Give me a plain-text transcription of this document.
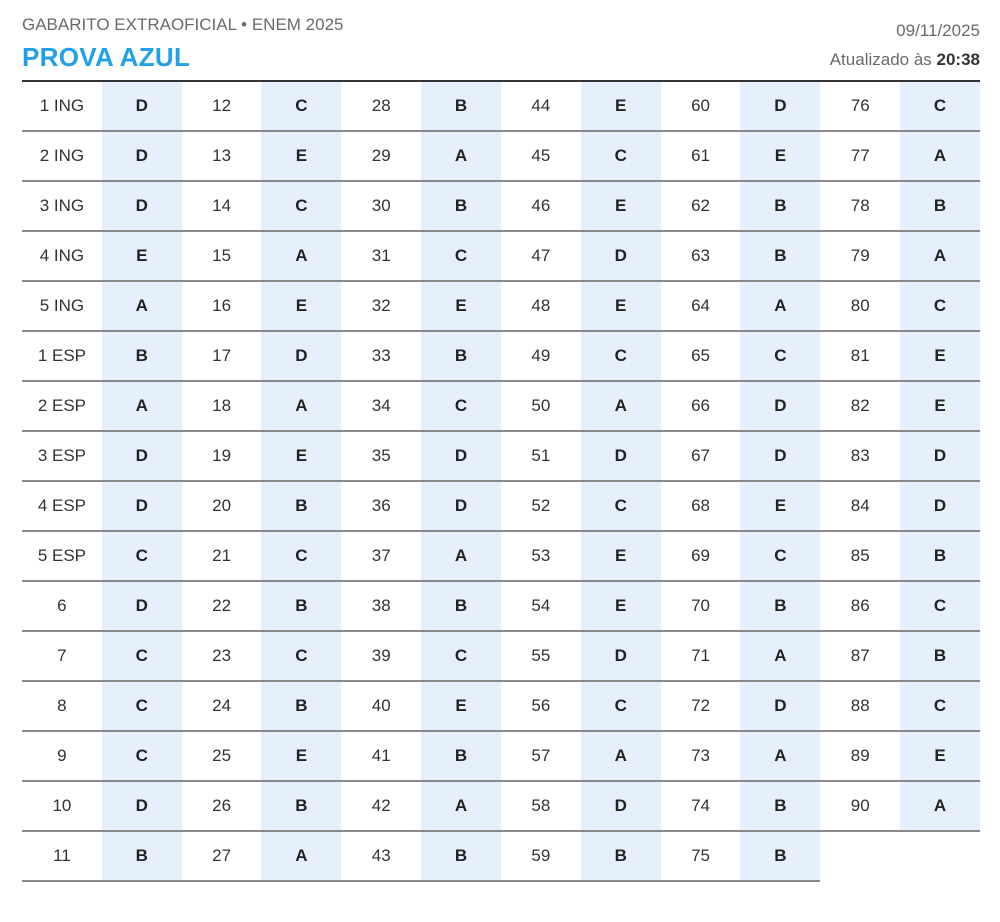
GABARITO EXTRAOFICIAL • ENEM 2025
PROVA AZUL
09/11/2025
Atualizado às 20:38
1 ING	D	12	C	28	B	44	E	60	D	76	C
2 ING	D	13	E	29	A	45	C	61	E	77	A
3 ING	D	14	C	30	B	46	E	62	B	78	B
4 ING	E	15	A	31	C	47	D	63	B	79	A
5 ING	A	16	E	32	E	48	E	64	A	80	C
1 ESP	B	17	D	33	B	49	C	65	C	81	E
2 ESP	A	18	A	34	C	50	A	66	D	82	E
3 ESP	D	19	E	35	D	51	D	67	D	83	D
4 ESP	D	20	B	36	D	52	C	68	E	84	D
5 ESP	C	21	C	37	A	53	E	69	C	85	B
6	D	22	B	38	B	54	E	70	B	86	C
7	C	23	C	39	C	55	D	71	A	87	B
8	C	24	B	40	E	56	C	72	D	88	C
9	C	25	E	41	B	57	A	73	A	89	E
10	D	26	B	42	A	58	D	74	B	90	A
11	B	27	A	43	B	59	B	75	B
